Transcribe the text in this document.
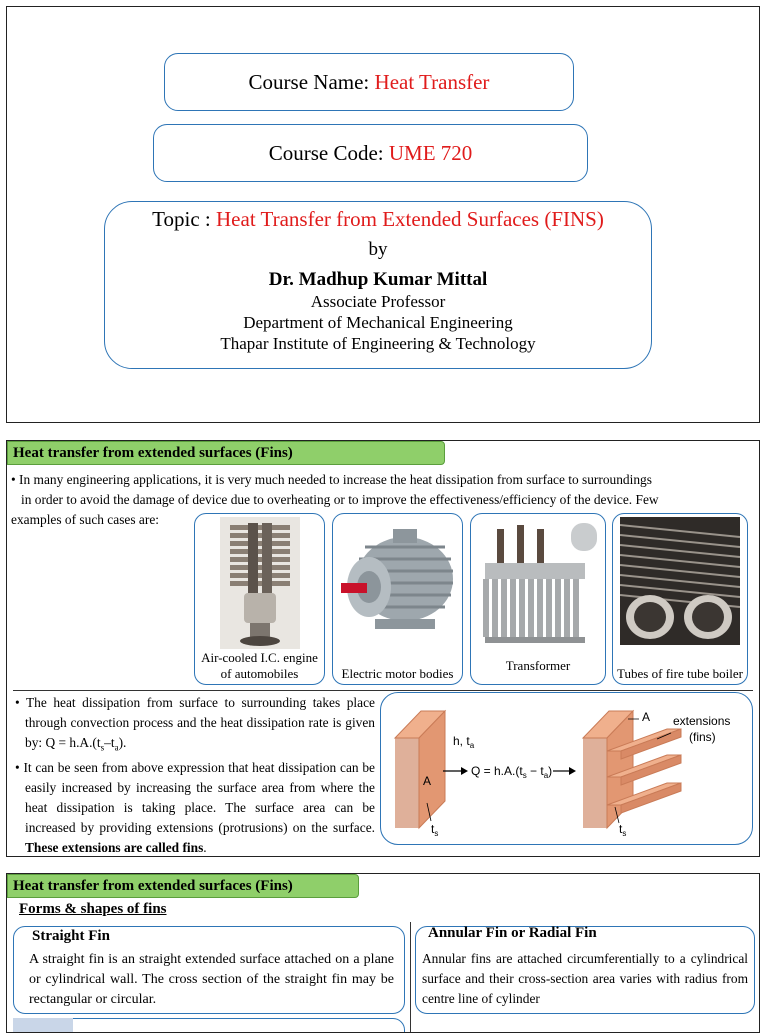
Course Name: Heat Transfer
Course Code: UME 720
Topic : Heat Transfer from Extended Surfaces (FINS)
by
Dr. Madhup Kumar Mittal
Associate Professor
Department of Mechanical Engineering
Thapar Institute of Engineering & Technology
Heat transfer from extended surfaces (Fins)
• In many engineering applications, it is very much needed to increase the heat dissipation from surface to surroundings
in order to avoid the damage of device due to overheating or to improve the effectiveness/efficiency of the device. Few
examples of such cases are:
Air-cooled I.C. engine of automobiles	Electric motor bodies
Transformer
Tubes of fire tube boiler
• The heat dissipation from surface to surrounding takes place through convection process and the heat dissipation rate is given by: $Q = h.A.(t_s-t_a)$.
• It can be seen from above expression that heat dissipation can be easily increased by increasing the surface area from where the heat dissipation is taking place. The surface area can be increased by providing extensions (protrusions) on the surface. These extensions are called fins.
A
h, $t_a$
$t_s$
$Q = h.A.(t_s - t_a)$
A extensions
(fins)
$t_s$
Heat transfer from extended surfaces (Fins)
Forms & shapes of fins
Straight Fin
A straight fin is an straight extended surface attached on a plane or cylindrical wall. The cross section of the straight fin may be rectangular or circular.
Annular Fin or Radial Fin
Annular fins are attached circumferentially to a cylindrical surface and their cross-section area varies with radius from centre line of cylinder
